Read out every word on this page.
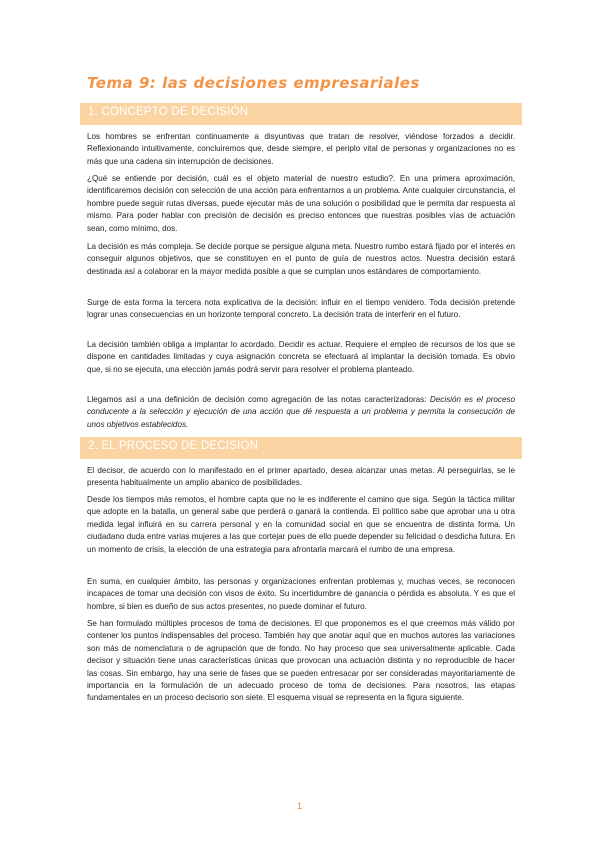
Tema 9: las decisiones empresariales
1. CONCEPTO DE DECISIÓN

Los hombres se enfrentan continuamente a disyuntivas que tratan de resolver, viéndose forzados a decidir. Reflexionando intuitivamente, concluiremos que, desde siempre, el periplo vital de personas y organizaciones no es más que una cadena sin interrupción de decisiones.

¿Qué se entiende por decisión, cuál es el objeto material de nuestro estudio?. En una primera aproximación, identificaremos decisión con selección de una acción para enfrentarnos a un problema. Ante cualquier circunstancia, el hombre puede seguir rutas diversas, puede ejecutar más de una solución o posibilidad que le permita dar respuesta al mismo. Para poder hablar con precisión de decisión es preciso entonces que nuestras posibles vías de actuación sean, como mínimo, dos.

La decisión es más compleja. Se decide porque se persigue alguna meta. Nuestro rumbo estará fijado por el interés en conseguir algunos objetivos, que se constituyen en el punto de guía de nuestros actos. Nuestra decisión estará destinada así a colaborar en la mayor medida posible a que se cumplan unos estándares de comportamiento.

Surge de esta forma la tercera nota explicativa de la decisión: influir en el tiempo venidero. Toda decisión pretende lograr unas consecuencias en un horizonte temporal concreto. La decisión trata de interferir en el futuro.

La decisión también obliga a implantar lo acordado. Decidir es actuar. Requiere el empleo de recursos de los que se dispone en cantidades limitadas y cuya asignación concreta se efectuará al implantar la decisión tomada. Es obvio que, si no se ejecuta, una elección jamás podrá servir para resolver el problema planteado.

Llegamos así a una definición de decisión como agregación de las notas caracterizadoras: Decisión es el proceso conducente a la selección y ejecución de una acción que dé respuesta a un problema y permita la consecución de unos objetivos establecidos.

2. EL PROCESO DE DECISIÓN

El decisor, de acuerdo con lo manifestado en el primer apartado, desea alcanzar unas metas. Al perseguirlas, se le presenta habitualmente un amplio abanico de posibilidades.

Desde los tiempos más remotos, el hombre capta que no le es indiferente el camino que siga. Según la táctica militar que adopte en la batalla, un general sabe que perderá o ganará la contienda. El político sabe que aprobar una u otra medida legal influirá en su carrera personal y en la comunidad social en que se encuentra de distinta forma. Un ciudadano duda entre varias mujeres a las que cortejar pues de ello puede depender su felicidad o desdicha futura. En un momento de crisis, la elección de una estrategia para afrontarla marcará el rumbo de una empresa.

En suma, en cualquier ámbito, las personas y organizaciones enfrentan problemas y, muchas veces, se reconocen incapaces de tomar una decisión con visos de éxito. Su incertidumbre de ganancia o pérdida es absoluta. Y es que el hombre, si bien es dueño de sus actos presentes, no puede dominar el futuro.

Se han formulado múltiples procesos de toma de decisiones. El que proponemos es el que creemos más válido por contener los puntos indispensables del proceso. También hay que anotar aquí que en muchos autores las variaciones son más de nomenclatura o de agrupación que de fondo. No hay proceso que sea universalmente aplicable. Cada decisor y situación tiene unas características únicas que provocan una actuación distinta y no reproducible de hacer las cosas. Sin embargo, hay una serie de fases que se pueden entresacar por ser consideradas mayoritariamente de importancia en la formulación de un adecuado proceso de toma de decisiones. Para nosotros, las etapas fundamentales en un proceso decisorio son siete. El esquema visual se representa en la figura siguiente.

1
